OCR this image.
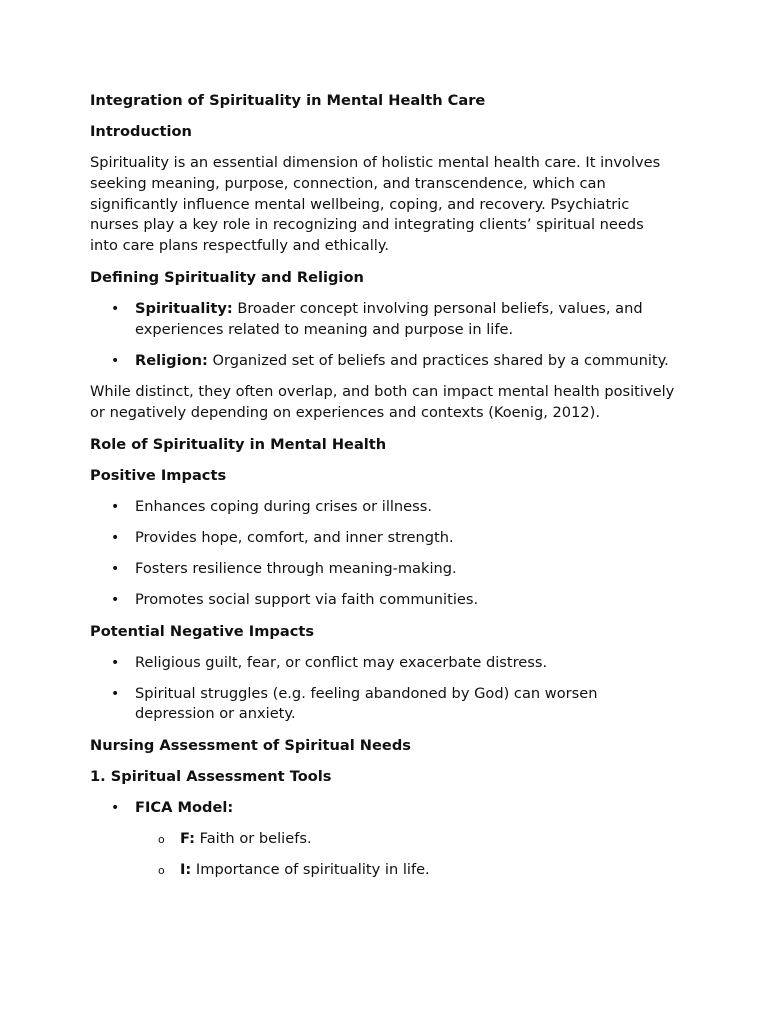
Integration of Spirituality in Mental Health Care
Introduction
Spirituality is an essential dimension of holistic mental health care. It involves seeking meaning, purpose, connection, and transcendence, which can significantly influence mental wellbeing, coping, and recovery. Psychiatric nurses play a key role in recognizing and integrating clients’ spiritual needs into care plans respectfully and ethically.
Defining Spirituality and Religion
• Spirituality: Broader concept involving personal beliefs, values, and experiences related to meaning and purpose in life.
• Religion: Organized set of beliefs and practices shared by a community.
While distinct, they often overlap, and both can impact mental health positively or negatively depending on experiences and contexts (Koenig, 2012).
Role of Spirituality in Mental Health
Positive Impacts
• Enhances coping during crises or illness.
• Provides hope, comfort, and inner strength.
• Fosters resilience through meaning-making.
• Promotes social support via faith communities.
Potential Negative Impacts
• Religious guilt, fear, or conflict may exacerbate distress.
• Spiritual struggles (e.g. feeling abandoned by God) can worsen depression or anxiety.
Nursing Assessment of Spiritual Needs
1. Spiritual Assessment Tools
• FICA Model:
o F: Faith or beliefs.
o I: Importance of spirituality in life.
